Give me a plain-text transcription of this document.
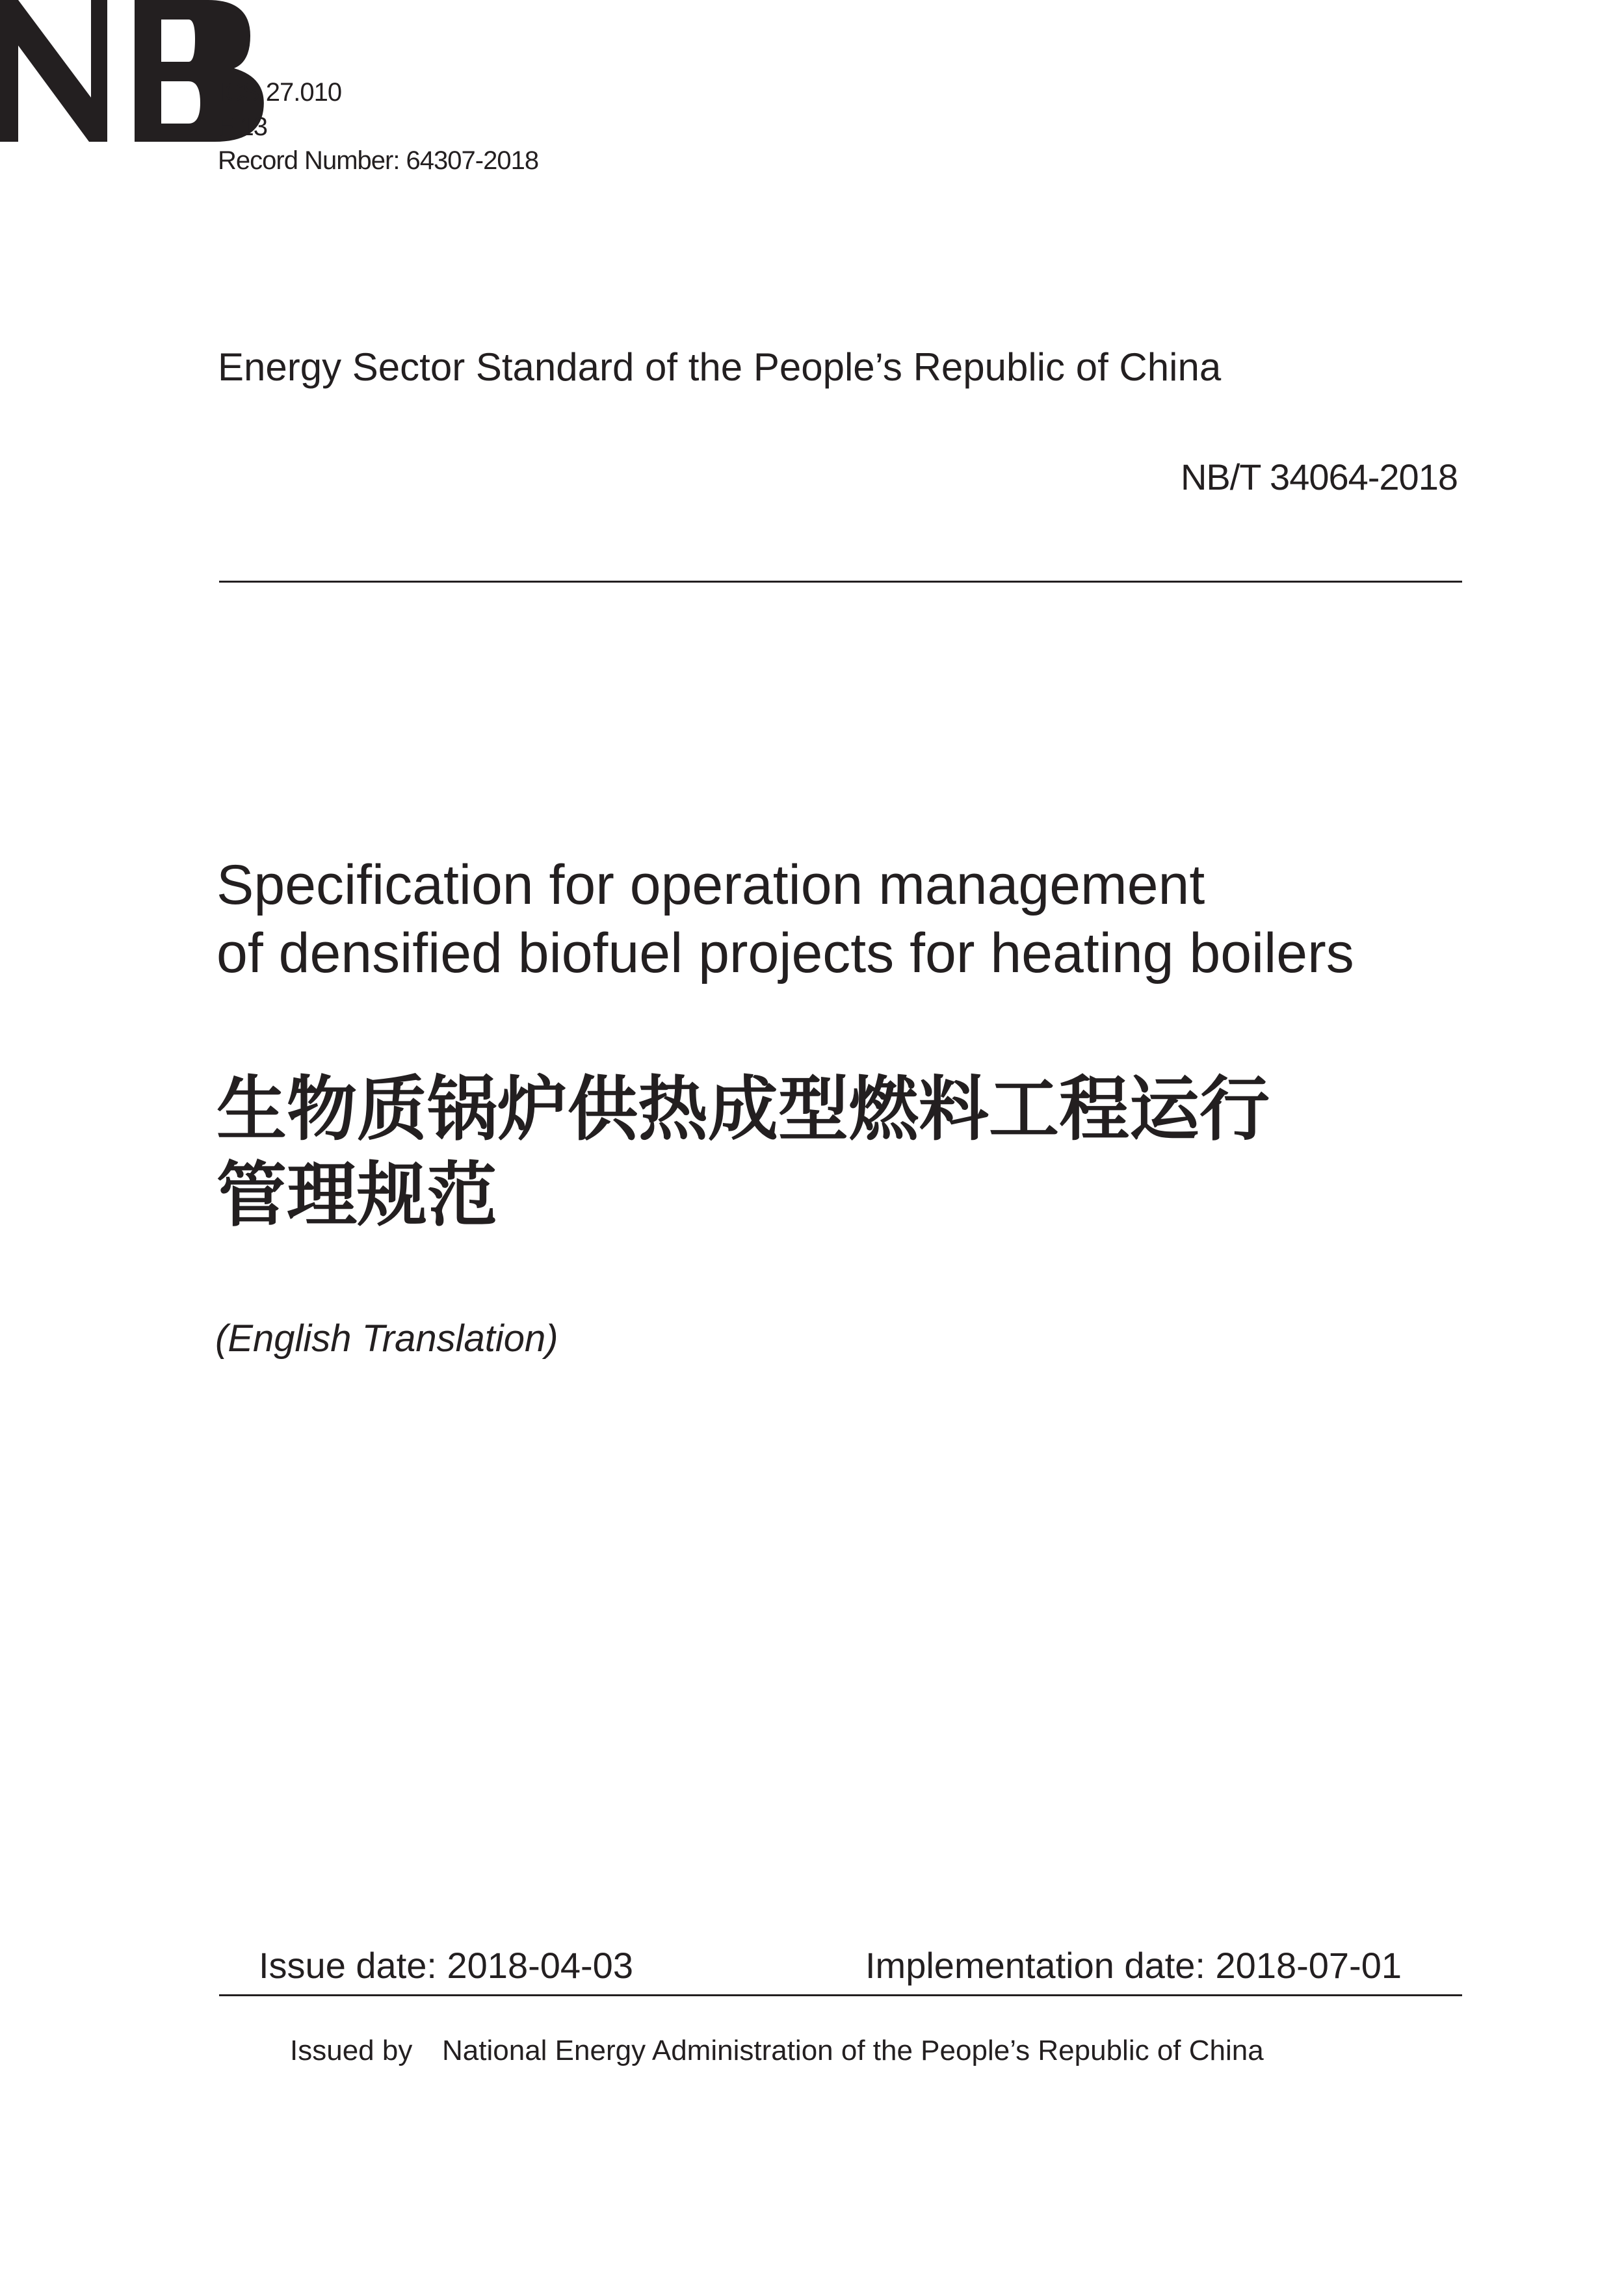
ICS 27.010
F 13
Record Number: 64307-2018
Energy Sector Standard of the People’s Republic of China
NB/T 34064-2018
Specification for operation management
of densified biofuel projects for heating boilers
生物质锅炉供热成型燃料工程运行
管理规范
(English Translation)
Issue date: 2018-04-03	Implementation date: 2018-07-01
Issued by National Energy Administration of the People’s Republic of China
